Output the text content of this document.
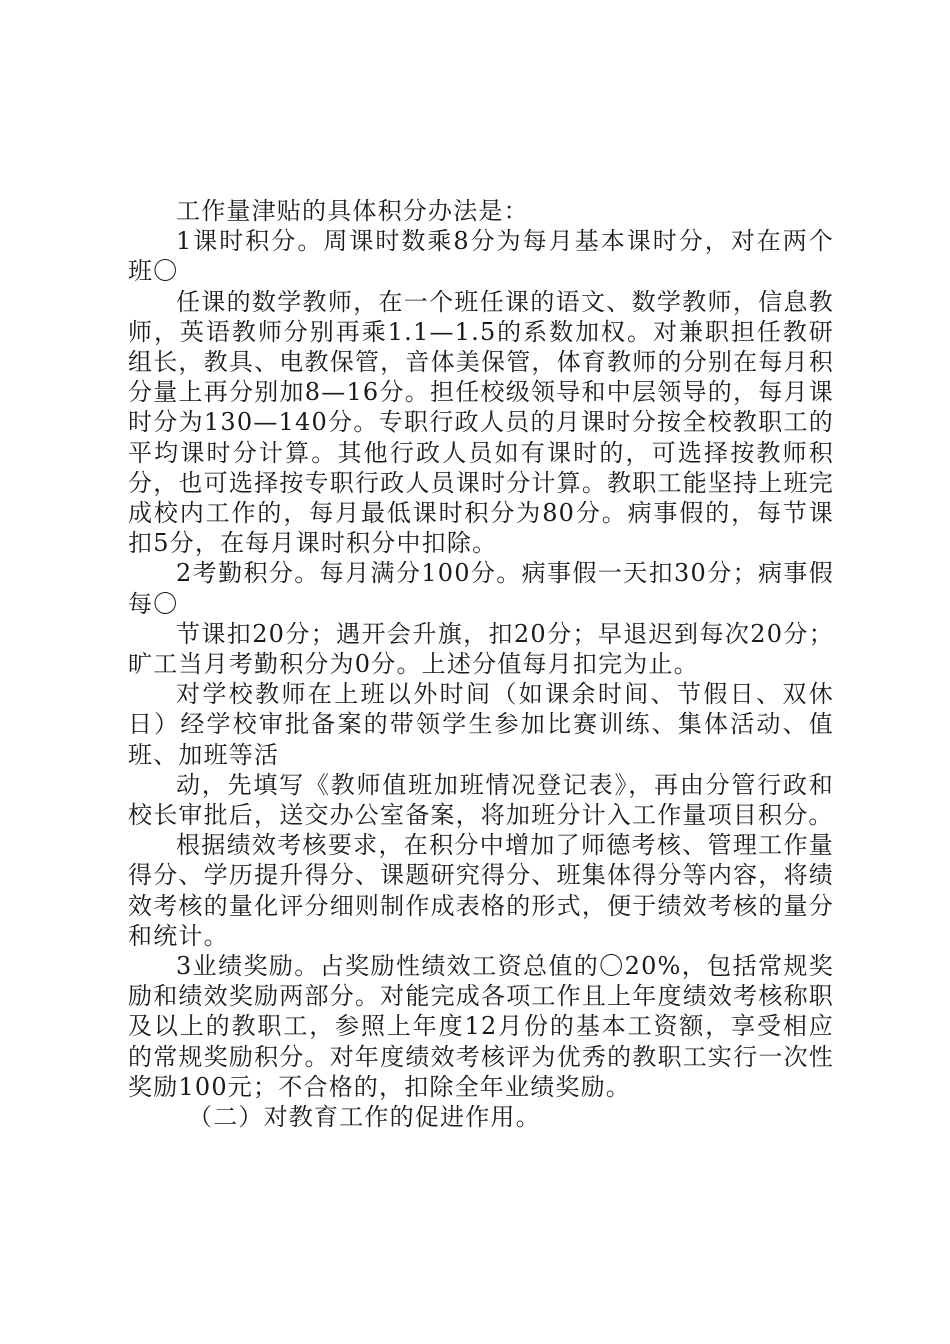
工作量津贴的具体积分办法是：

1课时积分。周课时数乘8分为每月基本课时分，对在两个班〇

任课的数学教师，在一个班任课的语文、数学教师，信息教师，英语教师分别再乘1.1—1.5的系数加权。对兼职担任教研组长，教具、电教保管，音体美保管，体育教师的分别在每月积分量上再分别加8—16分。担任校级领导和中层领导的，每月课时分为130—140分。专职行政人员的月课时分按全校教职工的平均课时分计算。其他行政人员如有课时的，可选择按教师积分，也可选择按专职行政人员课时分计算。教职工能坚持上班完成校内工作的，每月最低课时积分为80分。病事假的，每节课扣5分，在每月课时积分中扣除。

2考勤积分。每月满分100分。病事假一天扣30分；病事假每〇

节课扣20分；遇开会升旗，扣20分；早退迟到每次20分；旷工当月考勤积分为0分。上述分值每月扣完为止。

对学校教师在上班以外时间（如课余时间、节假日、双休日）经学校审批备案的带领学生参加比赛训练、集体活动、值班、加班等活

动，先填写《教师值班加班情况登记表》，再由分管行政和校长审批后，送交办公室备案，将加班分计入工作量项目积分。

根据绩效考核要求，在积分中增加了师德考核、管理工作量得分、学历提升得分、课题研究得分、班集体得分等内容，将绩效考核的量化评分细则制作成表格的形式，便于绩效考核的量分和统计。

3业绩奖励。占奖励性绩效工资总值的〇20%，包括常规奖励和绩效奖励两部分。对能完成各项工作且上年度绩效考核称职及以上的教职工，参照上年度12月份的基本工资额，享受相应的常规奖励积分。对年度绩效考核评为优秀的教职工实行一次性奖励100元；不合格的，扣除全年业绩奖励。

（二）对教育工作的促进作用。
